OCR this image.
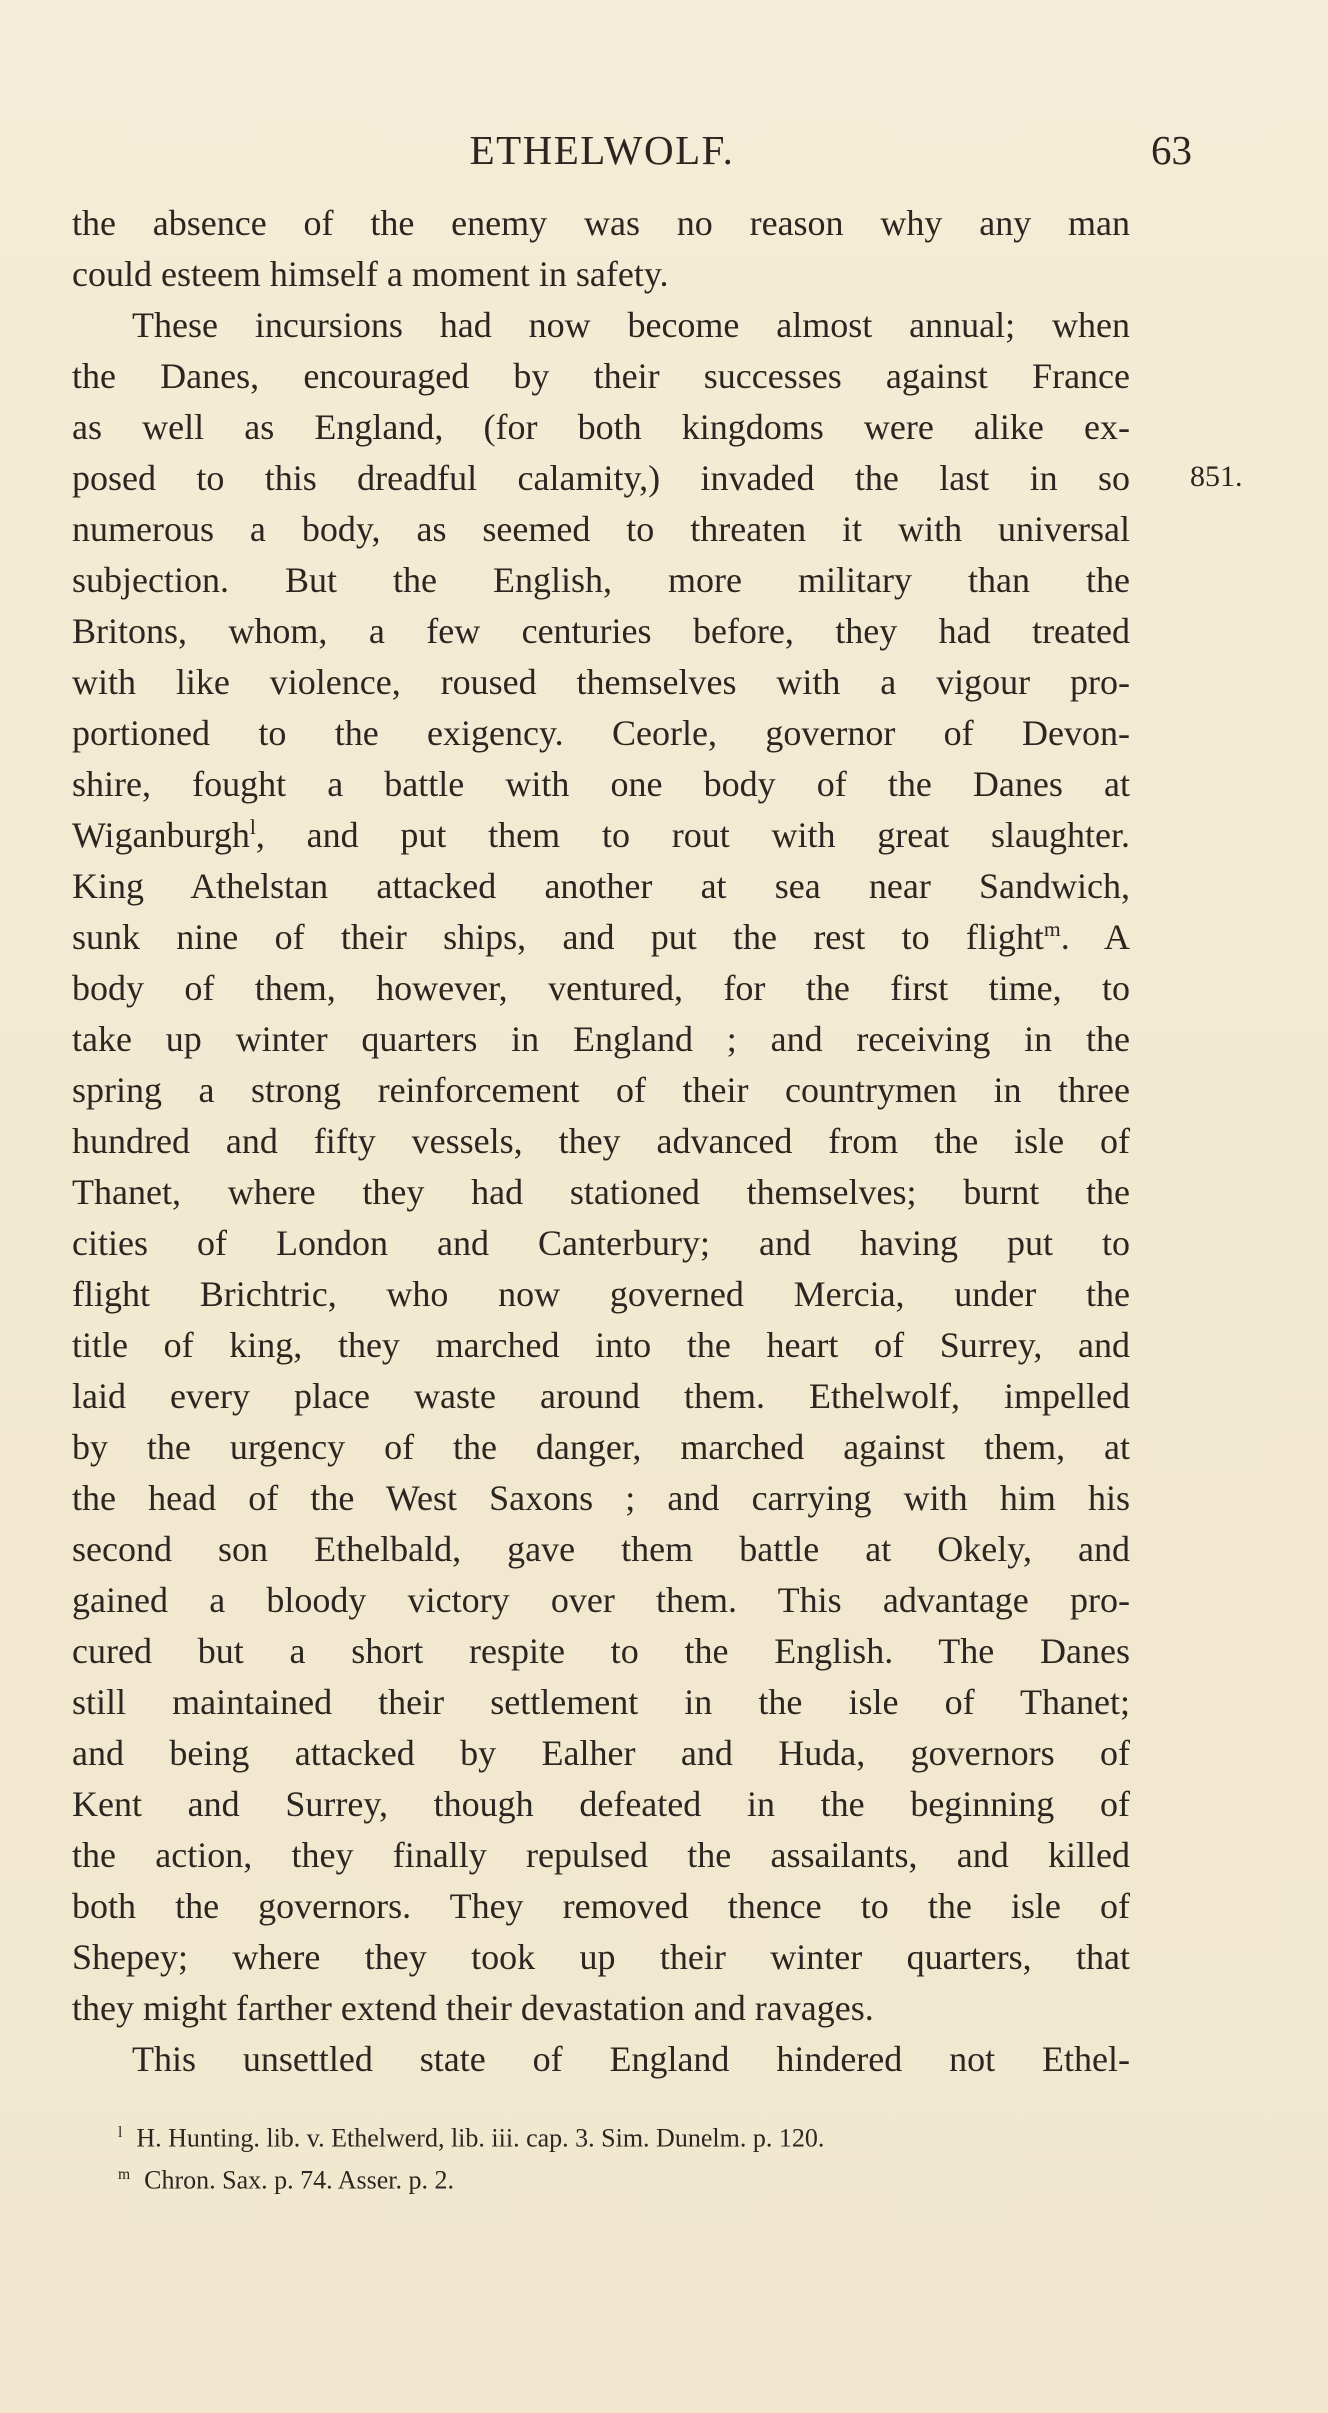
ETHELWOLF.	63
851.
the absence of the enemy was no reason why any man
could esteem himself a moment in safety.
These incursions had now become almost annual; when
the Danes, encouraged by their successes against France
as well as England, (for both kingdoms were alike ex-
posed to this dreadful calamity,) invaded the last in so
numerous a body, as seemed to threaten it with universal
subjection. But the English, more military than the
Britons, whom, a few centuries before, they had treated
with like violence, roused themselves with a vigour pro-
portioned to the exigency. Ceorle, governor of Devon-
shire, fought a battle with one body of the Danes at
Wiganburgh$^l$, and put them to rout with great slaughter.
King Athelstan attacked another at sea near Sandwich,
sunk nine of their ships, and put the rest to flight$^m$. A
body of them, however, ventured, for the first time, to
take up winter quarters in England ; and receiving in the
spring a strong reinforcement of their countrymen in three
hundred and fifty vessels, they advanced from the isle of
Thanet, where they had stationed themselves; burnt the
cities of London and Canterbury; and having put to
flight Brichtric, who now governed Mercia, under the
title of king, they marched into the heart of Surrey, and
laid every place waste around them. Ethelwolf, impelled
by the urgency of the danger, marched against them, at
the head of the West Saxons ; and carrying with him his
second son Ethelbald, gave them battle at Okely, and
gained a bloody victory over them. This advantage pro-
cured but a short respite to the English. The Danes
still maintained their settlement in the isle of Thanet;
and being attacked by Ealher and Huda, governors of
Kent and Surrey, though defeated in the beginning of
the action, they finally repulsed the assailants, and killed
both the governors. They removed thence to the isle of
Shepey; where they took up their winter quarters, that
they might farther extend their devastation and ravages.
This unsettled state of England hindered not Ethel-
$^l$ H. Hunting. lib. v. Ethelwerd, lib. iii. cap. 3. Sim. Dunelm. p. 120.
$^m$ Chron. Sax. p. 74. Asser. p. 2.
